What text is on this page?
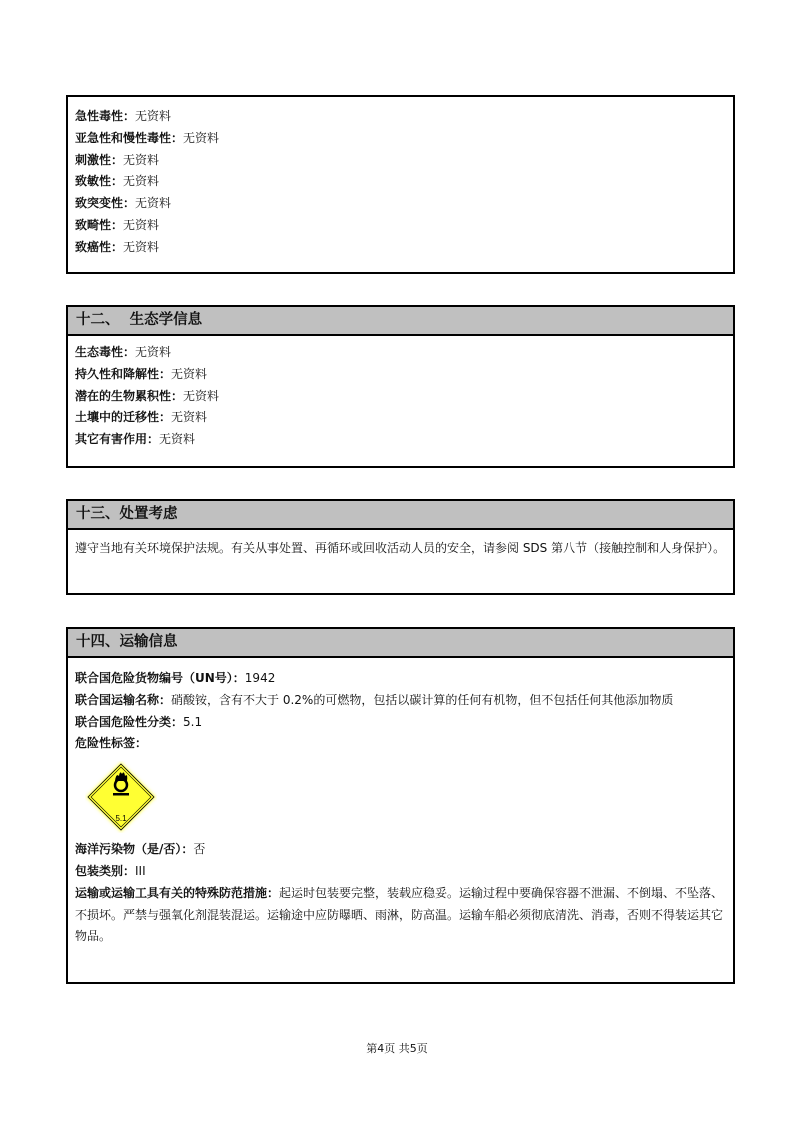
急性毒性：无资料
亚急性和慢性毒性：无资料
刺激性：无资料
致敏性：无资料
致突变性：无资料
致畸性：无资料
致癌性：无资料
十二、  生态学信息
生态毒性：无资料
持久性和降解性：无资料
潜在的生物累积性：无资料
土壤中的迁移性：无资料
其它有害作用：无资料
十三、处置考虑
遵守当地有关环境保护法规。有关从事处置、再循环或回收活动人员的安全，请参阅 SDS 第八节（接触控制和人身保护）。
十四、运输信息
联合国危险货物编号（UN号）：1942
联合国运输名称：硝酸铵，含有不大于 0.2%的可燃物，包括以碳计算的任何有机物，但不包括任何其他添加物质
联合国危险性分类：5.1
危险性标签：
5.1
海洋污染物（是/否）：否
包装类别：III
运输或运输工具有关的特殊防范措施：起运时包装要完整，装载应稳妥。运输过程中要确保容器不泄漏、不倒塌、不坠落、不损坏。严禁与强氧化剂混装混运。运输途中应防曝晒、雨淋，防高温。运输车船必须彻底清洗、消毒，否则不得装运其它物品。
第4页 共5页
